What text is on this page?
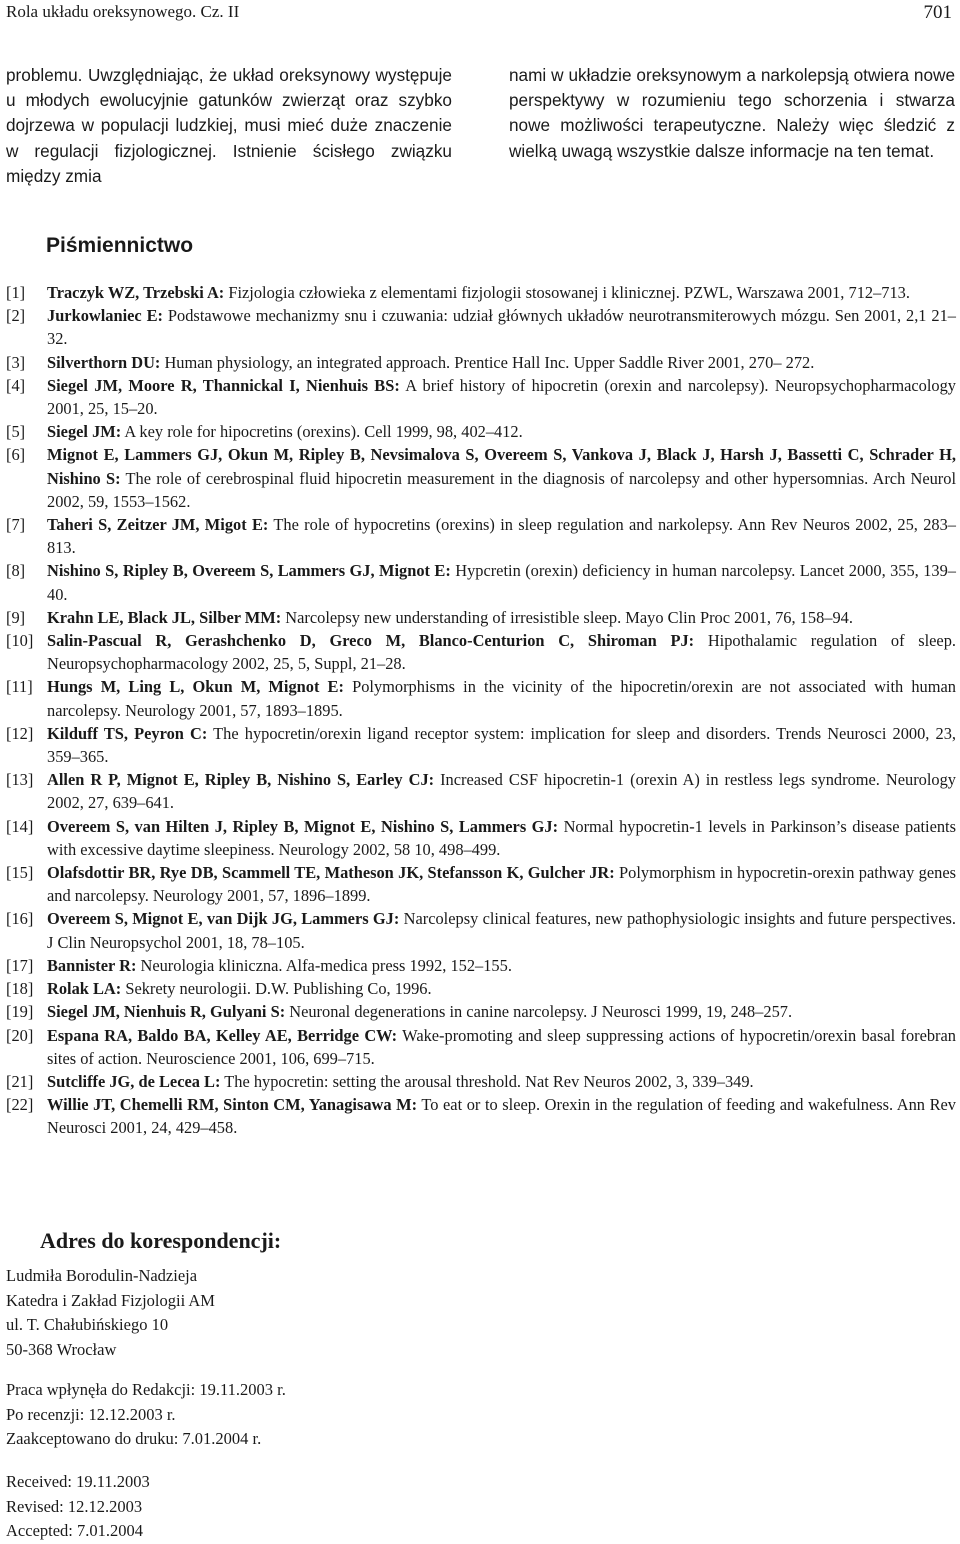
Rola układu oreksynowego. Cz. II	701
problemu. Uwzględniając, że układ oreksynowy występuje u młodych ewolucyjnie gatunków zwierząt oraz szybko dojrzewa w populacji ludzkiej, musi mieć duże znaczenie w regulacji fizjologicznej. Istnienie ścisłego związku między zmia
nami w układzie oreksynowym a narkolepsją otwiera nowe perspektywy w rozumieniu tego schorzenia i stwarza nowe możliwości terapeutyczne. Należy więc śledzić z wielką uwagą wszystkie dalsze informacje na ten temat.
Piśmiennictwo

[1] Traczyk WZ, Trzebski A: Fizjologia człowieka z elementami fizjologii stosowanej i klinicznej. PZWL, Warszawa 2001, 712–713.

[2] Jurkowlaniec E: Podstawowe mechanizmy snu i czuwania: udział głównych układów neurotransmiterowych mózgu. Sen 2001, 2,1 21–32.

[3] Silverthorn DU: Human physiology, an integrated approach. Prentice Hall Inc. Upper Saddle River 2001, 270– 272.

[4] Siegel JM, Moore R, Thannickal I, Nienhuis BS: A brief history of hipocretin (orexin and narcolepsy). Neuropsychopharmacology 2001, 25, 15–20.

[5] Siegel JM: A key role for hipocretins (orexins). Cell 1999, 98, 402–412.

[6] Mignot E, Lammers GJ, Okun M, Ripley B, Nevsimalova S, Overeem S, Vankova J, Black J, Harsh J, Bassetti C, Schrader H, Nishino S: The role of cerebrospinal fluid hipocretin measurement in the diagnosis of narcolepsy and other hypersomnias. Arch Neurol 2002, 59, 1553–1562.

[7] Taheri S, Zeitzer JM, Migot E: The role of hypocretins (orexins) in sleep regulation and narkolepsy. Ann Rev Neuros 2002, 25, 283–813.

[8] Nishino S, Ripley B, Overeem S, Lammers GJ, Mignot E: Hypcretin (orexin) deficiency in human narcolepsy. Lancet 2000, 355, 139–40.

[9] Krahn LE, Black JL, Silber MM: Narcolepsy new understanding of irresistible sleep. Mayo Clin Proc 2001, 76, 158–94.

[10] Salin-Pascual R, Gerashchenko D, Greco M, Blanco-Centurion C, Shiroman PJ: Hipothalamic regulation of sleep. Neuropsychopharmacology 2002, 25, 5, Suppl, 21–28.

[11] Hungs M, Ling L, Okun M, Mignot E: Polymorphisms in the vicinity of the hipocretin/orexin are not associated with human narcolepsy. Neurology 2001, 57, 1893–1895.

[12] Kilduff TS, Peyron C: The hypocretin/orexin ligand receptor system: implication for sleep and disorders. Trends Neurosci 2000, 23, 359–365.

[13] Allen R P, Mignot E, Ripley B, Nishino S, Earley CJ: Increased CSF hipocretin-1 (orexin A) in restless legs syndrome. Neurology 2002, 27, 639–641.

[14] Overeem S, van Hilten J, Ripley B, Mignot E, Nishino S, Lammers GJ: Normal hypocretin-1 levels in Parkinson’s disease patients with excessive daytime sleepiness. Neurology 2002, 58 10, 498–499.

[15] Olafsdottir BR, Rye DB, Scammell TE, Matheson JK, Stefansson K, Gulcher JR: Polymorphism in hypocretin-orexin pathway genes and narcolepsy. Neurology 2001, 57, 1896–1899.

[16] Overeem S, Mignot E, van Dijk JG, Lammers GJ: Narcolepsy clinical features, new pathophysiologic insights and future perspectives. J Clin Neuropsychol 2001, 18, 78–105.

[17] Bannister R: Neurologia kliniczna. Alfa-medica press 1992, 152–155.

[18] Rolak LA: Sekrety neurologii. D.W. Publishing Co, 1996.

[19] Siegel JM, Nienhuis R, Gulyani S: Neuronal degenerations in canine narcolepsy. J Neurosci 1999, 19, 248–257.

[20] Espana RA, Baldo BA, Kelley AE, Berridge CW: Wake-promoting and sleep suppressing actions of hypocretin/orexin basal forebran sites of action. Neuroscience 2001, 106, 699–715.

[21] Sutcliffe JG, de Lecea L: The hypocretin: setting the arousal threshold. Nat Rev Neuros 2002, 3, 339–349.

[22] Willie JT, Chemelli RM, Sinton CM, Yanagisawa M: To eat or to sleep. Orexin in the regulation of feeding and wakefulness. Ann Rev Neurosci 2001, 24, 429–458.

Adres do korespondencji:
Ludmiła Borodulin-Nadzieja
Katedra i Zakład Fizjologii AM
ul. T. Chałubińskiego 10
50-368 Wrocław
Praca wpłynęła do Redakcji: 19.11.2003 r.
Po recenzji: 12.12.2003 r.
Zaakceptowano do druku: 7.01.2004 r.
Received: 19.11.2003
Revised: 12.12.2003
Accepted: 7.01.2004
